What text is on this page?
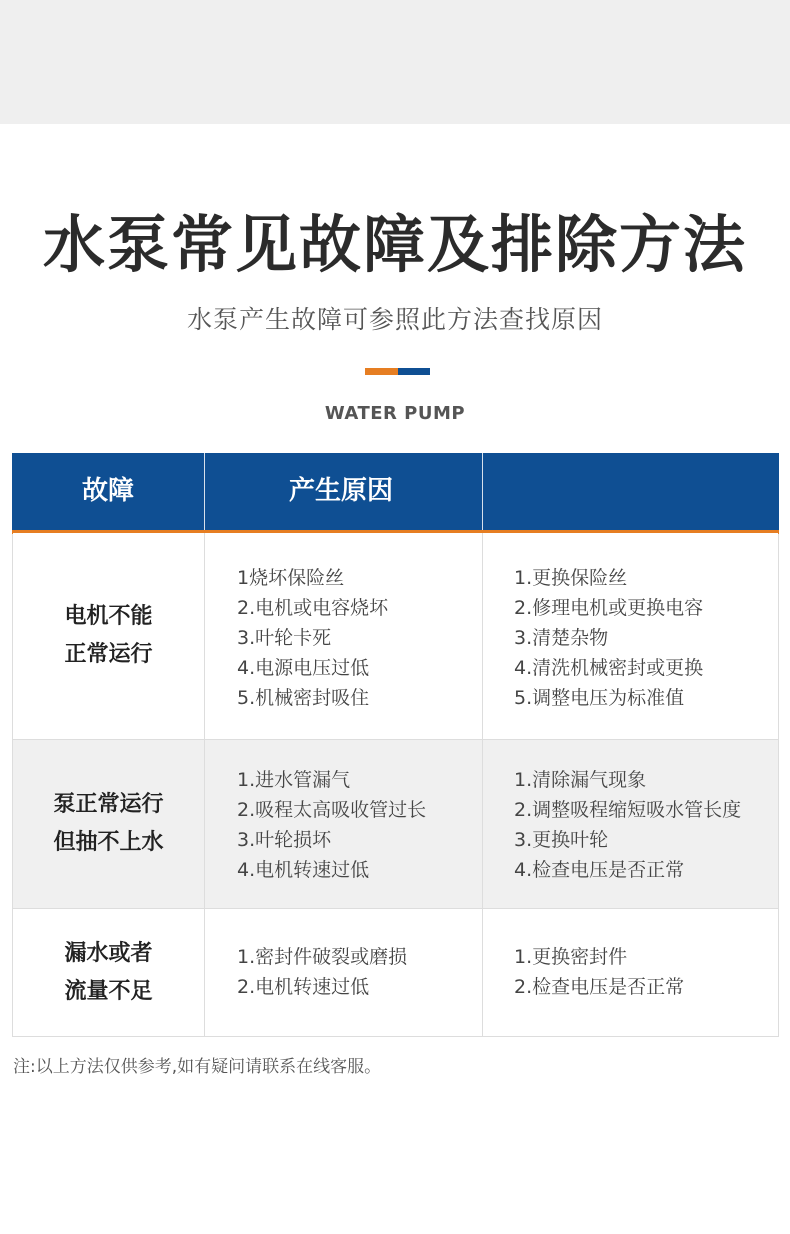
水泵常见故障及排除方法
水泵产生故障可参照此方法查找原因
WATER PUMP
故障	产生原因
电机不能
正常运行
1烧坏保险丝
2.电机或电容烧坏
3.叶轮卡死
4.电源电压过低
5.机械密封吸住
1.更换保险丝
2.修理电机或更换电容
3.清楚杂物
4.清洗机械密封或更换
5.调整电压为标准值
泵正常运行
但抽不上水
1.进水管漏气
2.吸程太高吸收管过长
3.叶轮损坏
4.电机转速过低
1.清除漏气现象
2.调整吸程缩短吸水管长度
3.更换叶轮
4.检查电压是否正常
漏水或者
流量不足
1.密封件破裂或磨损
2.电机转速过低
1.更换密封件
2.检查电压是否正常
注:以上方法仅供参考,如有疑问请联系在线客服。
